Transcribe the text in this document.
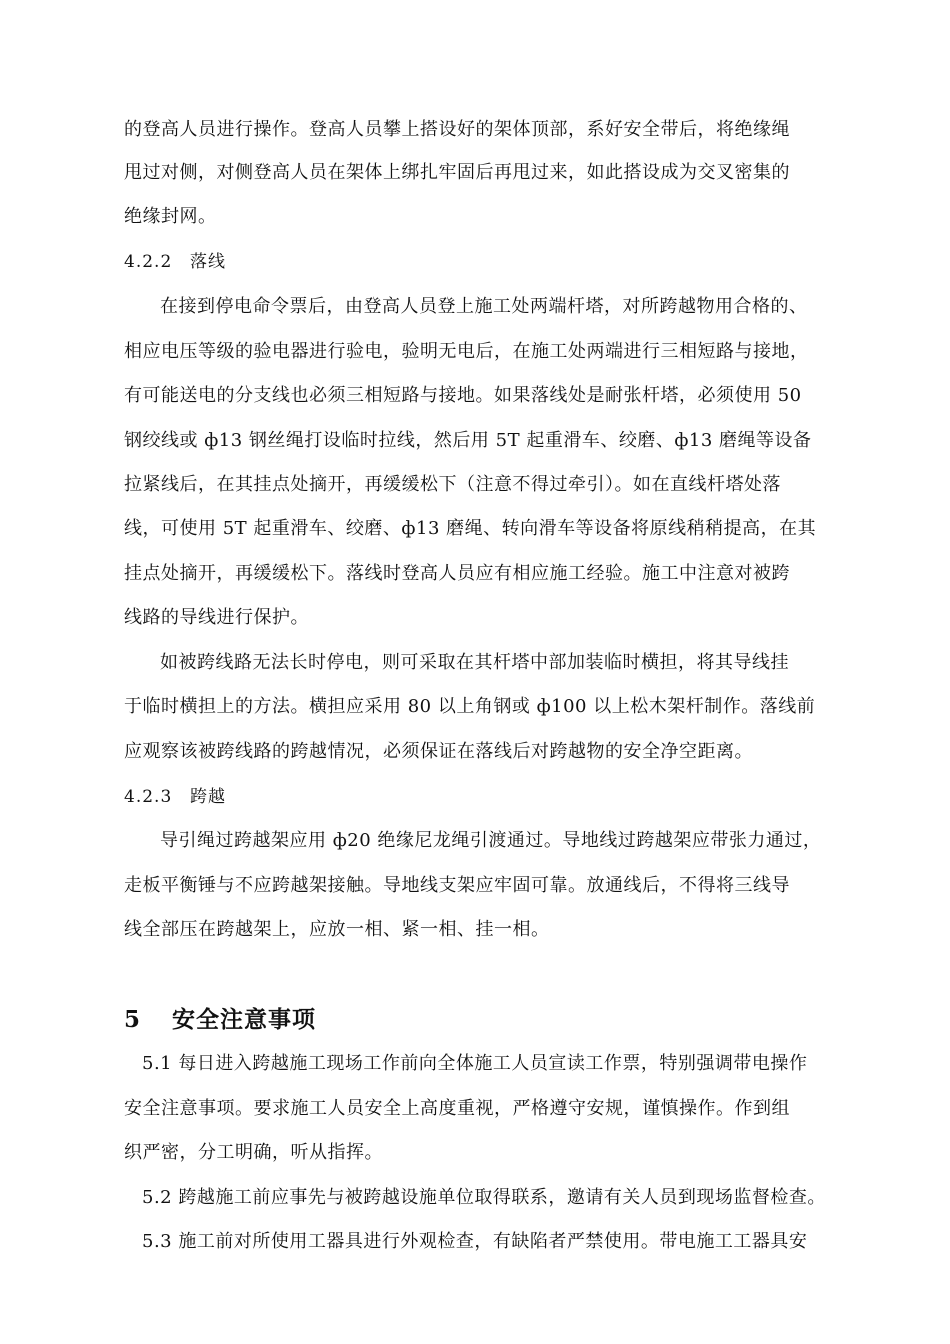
的登高人员进行操作。登高人员攀上搭设好的架体顶部，系好安全带后，将绝缘绳
甩过对侧，对侧登高人员在架体上绑扎牢固后再甩过来，如此搭设成为交叉密集的
绝缘封网。
4.2.2 落线
在接到停电命令票后，由登高人员登上施工处两端杆塔，对所跨越物用合格的、
相应电压等级的验电器进行验电，验明无电后，在施工处两端进行三相短路与接地，
有可能送电的分支线也必须三相短路与接地。如果落线处是耐张杆塔，必须使用 50
钢绞线或 ф13 钢丝绳打设临时拉线，然后用 5T 起重滑车、绞磨、ф13 磨绳等设备
拉紧线后，在其挂点处摘开，再缓缓松下（注意不得过牵引）。如在直线杆塔处落
线，可使用 5T 起重滑车、绞磨、ф13 磨绳、转向滑车等设备将原线稍稍提高，在其
挂点处摘开，再缓缓松下。落线时登高人员应有相应施工经验。施工中注意对被跨
线路的导线进行保护。
如被跨线路无法长时停电，则可采取在其杆塔中部加装临时横担，将其导线挂
于临时横担上的方法。横担应采用 80 以上角钢或 ф100 以上松木架杆制作。落线前
应观察该被跨线路的跨越情况，必须保证在落线后对跨越物的安全净空距离。
4.2.3 跨越
导引绳过跨越架应用 ф20 绝缘尼龙绳引渡通过。导地线过跨越架应带张力通过，
走板平衡锤与不应跨越架接触。导地线支架应牢固可靠。放通线后，不得将三线导
线全部压在跨越架上，应放一相、紧一相、挂一相。
5 安全注意事项
5.1 每日进入跨越施工现场工作前向全体施工人员宣读工作票，特别强调带电操作
安全注意事项。要求施工人员安全上高度重视，严格遵守安规，谨慎操作。作到组
织严密，分工明确，听从指挥。
5.2 跨越施工前应事先与被跨越设施单位取得联系，邀请有关人员到现场监督检查。
5.3 施工前对所使用工器具进行外观检查，有缺陷者严禁使用。带电施工工器具安
